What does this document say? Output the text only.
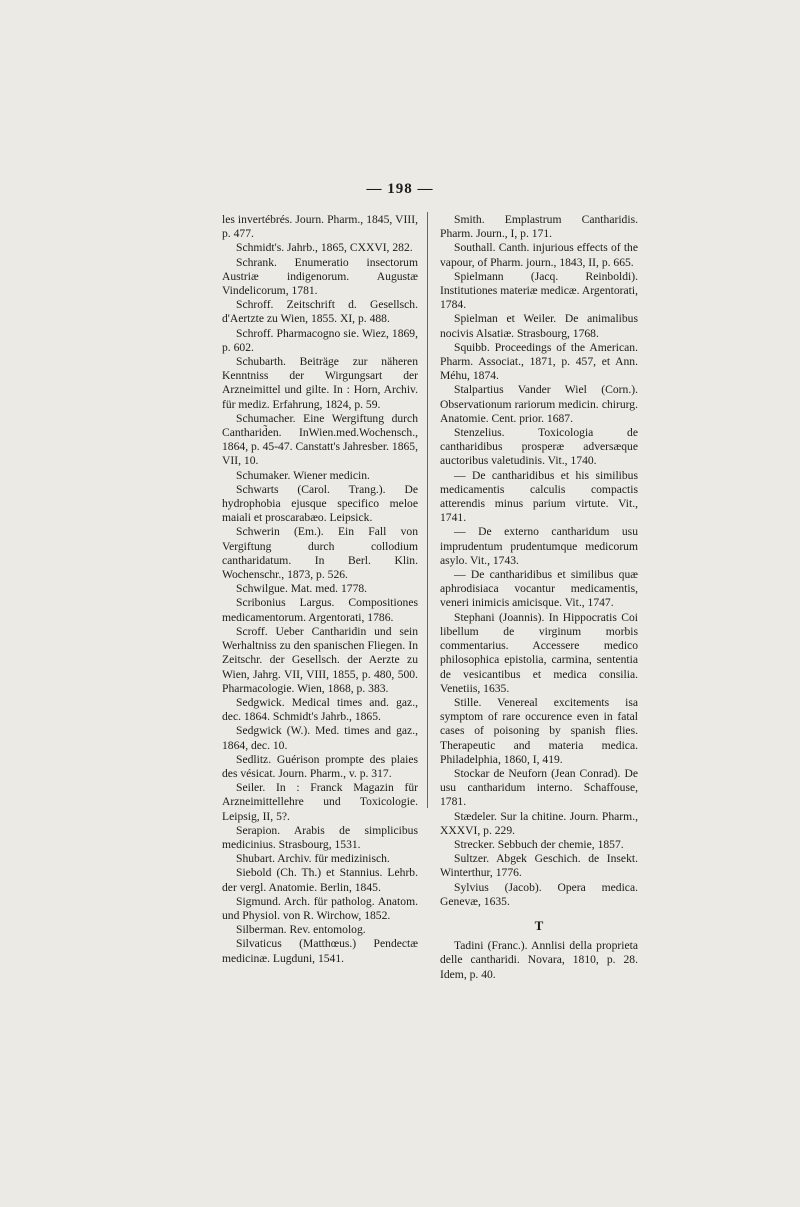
— 198 —

les invertébrés. Journ. Pharm., 1845, VIII, p. 477.

Schmidt's. Jahrb., 1865, CXXVI, 282.

Schrank. Enumeratio insectorum Austriæ indigenorum. Augustæ Vindelicorum, 1781.

Schroff. Zeitschrift d. Gesellsch. d'Aertzte zu Wien, 1855. XI, p. 488.

Schroff. Pharmacogno sie. Wiez, 1869, p. 602.

Schubarth. Beiträge zur näheren Kenntniss der Wirgungsart der Arzneimittel und gilte. In : Horn, Archiv. für mediz. Erfahrung, 1824, p. 59.

Schumacher. Eine Wergiftung durch Cantharid̃en. InWien.med.Wochensch., 1864, p. 45-47. Canstatt's Jahresber. 1865, VII, 10.

Schumaker. Wiener medicin.

Schwarts (Carol. Trang.). De hydrophobia ejusque specifico meloe maiali et proscarabæo. Leipsick.

Schwerin (Em.). Ein Fall von Vergiftung durch collodium cantharidatum. In Berl. Klin. Wochenschr., 1873, p. 526.

Schwilgue. Mat. med. 1778.

Scribonius Largus. Compositiones medicamentorum. Argentorati, 1786.

Scroff. Ueber Cantharidin und sein Werhaltniss zu den spanischen Fliegen. In Zeitschr. der Gesellsch. der Aerzte zu Wien, Jahrg. VII, VIII, 1855, p. 480, 500. Pharmacologie. Wien, 1868, p. 383.

Sedgwick. Medical times and. gaz., dec. 1864. Schmidt's Jahrb., 1865.

Sedgwick (W.). Med. times and gaz., 1864, dec. 10.

Sedlitz. Guérison prompte des plaies des vésicat. Journ. Pharm., v. p. 317.

Seiler. In : Franck Magazin für Arzneimittellehre und Toxicologie. Leipsig, II, 5?.

Serapion. Arabis de simplicibus medicinius. Strasbourg, 1531.

Shubart. Archiv. für medizinisch.

Siebold (Ch. Th.) et Stannius. Lehrb. der vergl. Anatomie. Berlin, 1845.

Sigmund. Arch. für patholog. Anatom. und Physiol. von R. Wirchow, 1852.

Silberman. Rev. entomolog.

Silvaticus (Matthœus.) Pendectæ medicinæ. Lugduni, 1541.

Smith. Emplastrum Cantharidis. Pharm. Journ., I, p. 171.

Southall. Canth. injurious effects of the vapour, of Pharm. journ., 1843, II, p. 665.

Spielmann (Jacq. Reinboldi). Institutiones materiæ medicæ. Argentorati, 1784.

Spielman et Weiler. De animalibus nocivis Alsatiæ. Strasbourg, 1768.

Squibb. Proceedings of the American. Pharm. Associat., 1871, p. 457, et Ann. Méhu, 1874.

Stalpartius Vander Wiel (Corn.). Observationum rariorum medicin. chirurg. Anatomie. Cent. prior. 1687.

Stenzelius. Toxicologia de cantharidibus prosperæ adversæque auctoribus valetudinis. Vit., 1740.

— De cantharidibus et his similibus medicamentis calculis compactis atterendis minus parium virtute. Vit., 1741.

— De externo cantharidum usu imprudentum prudentumque medicorum asylo. Vit., 1743.

— De cantharidibus et similibus quæ aphrodisiaca vocantur medicamentis, veneri inimicis amicisque. Vit., 1747.

Stephani (Joannis). In Hippocratis Coi libellum de virginum morbis commentarius. Accessere medico philosophica epistolia, carmina, sententia de vesicantibus et medica consilia. Venetiis, 1635.

Stille. Venereal excitements isa symptom of rare occurence even in fatal cases of poisoning by spanish flies. Therapeutic and materia medica. Philadelphia, 1860, I, 419.

Stockar de Neuforn (Jean Conrad). De usu cantharidum interno. Schaffouse, 1781.

Stædeler. Sur la chitine. Journ. Pharm., XXXVI, p. 229.

Strecker. Sebbuch der chemie, 1857.

Sultzer. Abgek Geschich. de Insekt. Winterthur, 1776.

Sylvius (Jacob). Opera medica. Genevæ, 1635.

T

Tadini (Franc.). Annlisi della proprieta delle cantharidi. Novara, 1810, p. 28. Idem, p. 40.
